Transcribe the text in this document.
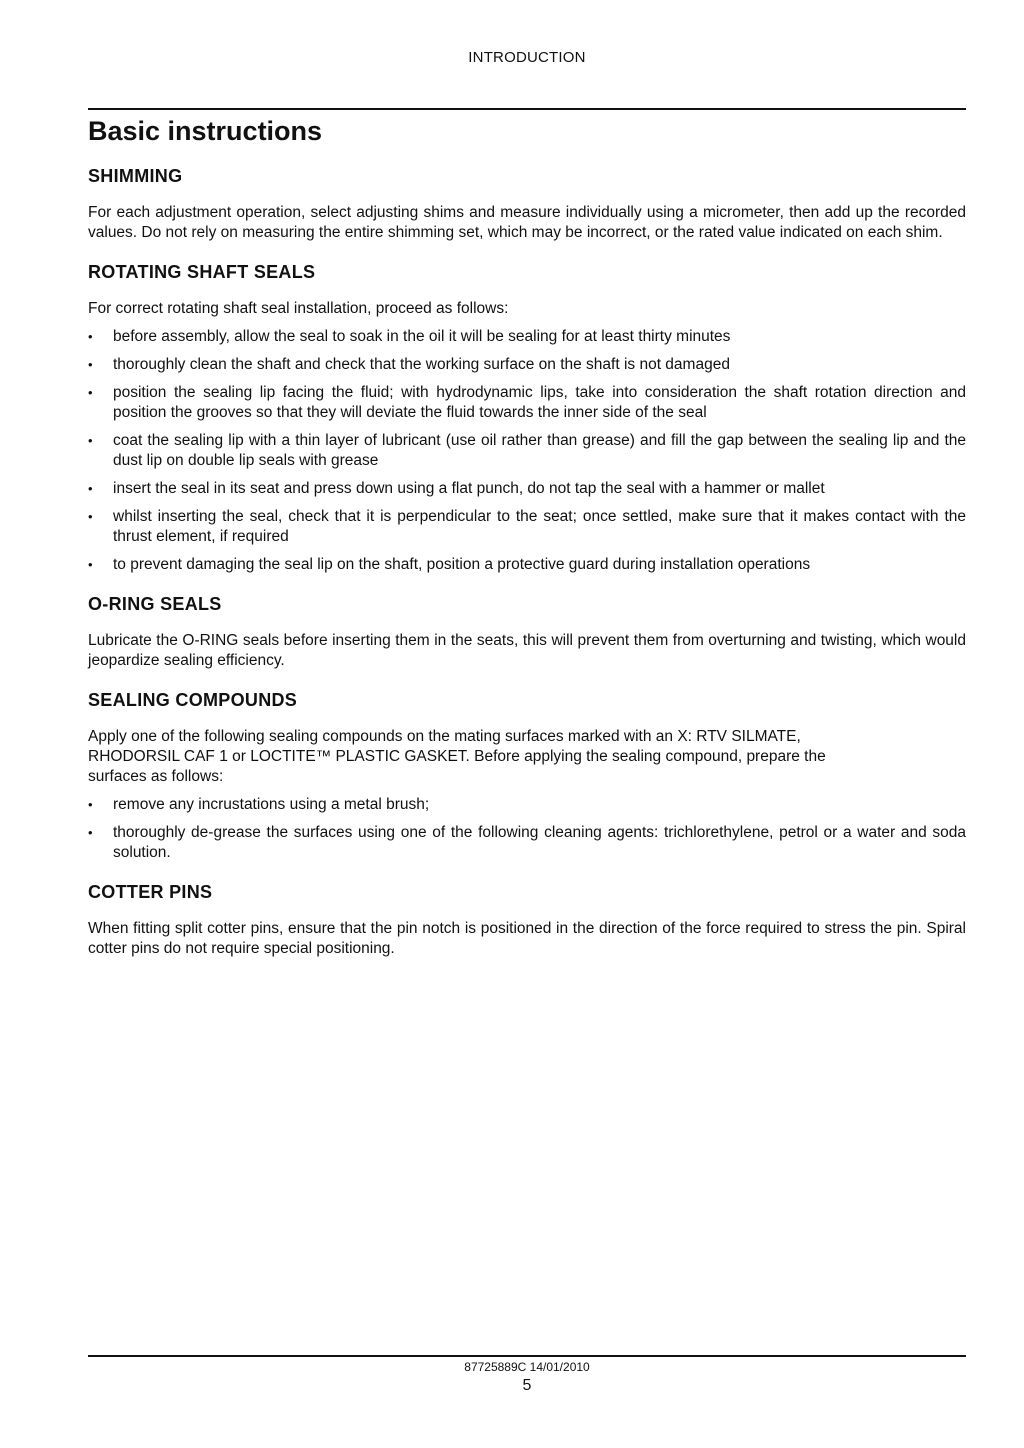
INTRODUCTION
Basic instructions
SHIMMING

For each adjustment operation, select adjusting shims and measure individually using a micrometer, then add up the recorded values. Do not rely on measuring the entire shimming set, which may be incorrect, or the rated value indicated on each shim.

ROTATING SHAFT SEALS

For correct rotating shaft seal installation, proceed as follows:

• before assembly, allow the seal to soak in the oil it will be sealing for at least thirty minutes
• thoroughly clean the shaft and check that the working surface on the shaft is not damaged
• position the sealing lip facing the fluid; with hydrodynamic lips, take into consideration the shaft rotation direction and position the grooves so that they will deviate the fluid towards the inner side of the seal
• coat the sealing lip with a thin layer of lubricant (use oil rather than grease) and fill the gap between the sealing lip and the dust lip on double lip seals with grease
• insert the seal in its seat and press down using a flat punch, do not tap the seal with a hammer or mallet
• whilst inserting the seal, check that it is perpendicular to the seat; once settled, make sure that it makes contact with the thrust element, if required
• to prevent damaging the seal lip on the shaft, position a protective guard during installation operations
O-RING SEALS

Lubricate the O-RING seals before inserting them in the seats, this will prevent them from overturning and twisting, which would jeopardize sealing efficiency.

SEALING COMPOUNDS

Apply one of the following sealing compounds on the mating surfaces marked with an X: RTV SILMATE,
RHODORSIL CAF 1 or LOCTITE™ PLASTIC GASKET. Before applying the sealing compound, prepare the
surfaces as follows:

• remove any incrustations using a metal brush;
• thoroughly de-grease the surfaces using one of the following cleaning agents: trichlorethylene, petrol or a water and soda solution.
COTTER PINS

When fitting split cotter pins, ensure that the pin notch is positioned in the direction of the force required to stress the pin. Spiral cotter pins do not require special positioning.

87725889C 14/01/2010
5
